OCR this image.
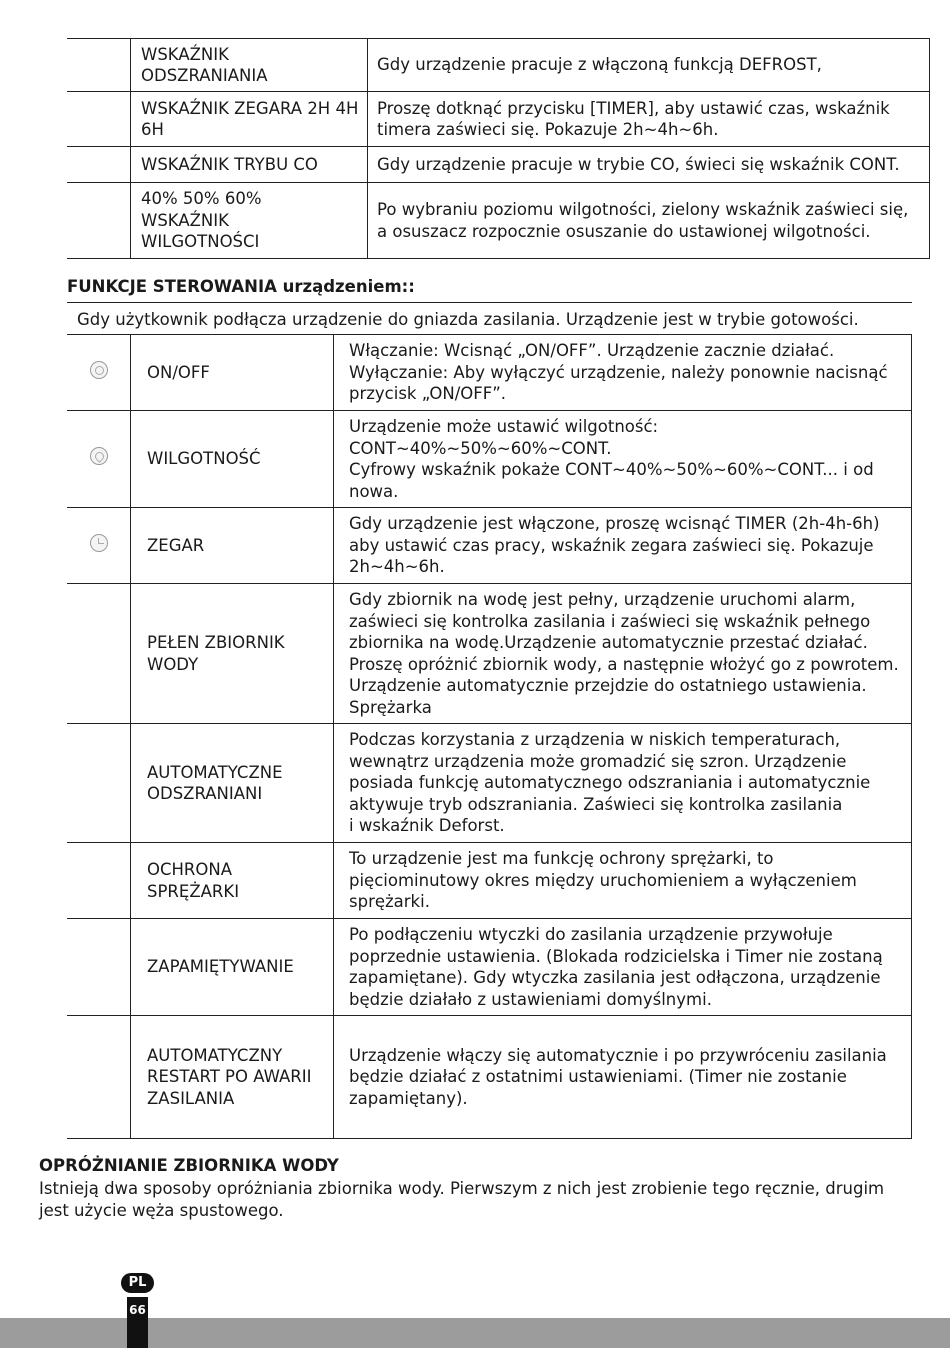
	WSKAŹNIK
ODSZRANIANIA	Gdy urządzenie pracuje z włączoną funkcją DEFROST,
	WSKAŹNIK ZEGARA 2H 4H 6H	Proszę dotknąć przycisku [TIMER], aby ustawić czas, wskaźnik timera zaświeci się. Pokazuje 2h~4h~6h.
	WSKAŹNIK TRYBU CO	Gdy urządzenie pracuje w trybie CO, świeci się wskaźnik CONT.
	40% 50% 60%
WSKAŹNIK
WILGOTNOŚCI	Po wybraniu poziomu wilgotności, zielony wskaźnik zaświeci się, a osuszacz rozpocznie osuszanie do ustawionej wilgotności.
FUNKCJE STEROWANIA urządzeniem::
Gdy użytkownik podłącza urządzenie do gniazda zasilania. Urządzenie jest w trybie gotowości.
	ON/OFF	Włączanie: Wcisnąć „ON/OFF”. Urządzenie zacznie działać.
Wyłączanie: Aby wyłączyć urządzenie, należy ponownie nacisnąć przycisk „ON/OFF”.
	WILGOTNOŚĆ	Urządzenie może ustawić wilgotność:
CONT~40%~50%~60%~CONT.
Cyfrowy wskaźnik pokaże CONT~40%~50%~60%~CONT... i od nowa.
	ZEGAR	Gdy urządzenie jest włączone, proszę wcisnąć TIMER (2h-4h-6h) aby ustawić czas pracy, wskaźnik zegara zaświeci się. Pokazuje 2h~4h~6h.
	PEŁEN ZBIORNIK
WODY	Gdy zbiornik na wodę jest pełny, urządzenie uruchomi alarm, zaświeci się kontrolka zasilania i zaświeci się wskaźnik pełnego zbiornika na wodę.Urządzenie automatycznie przestać działać. Proszę opróżnić zbiornik wody, a następnie włożyć go z powrotem. Urządzenie automatycznie przejdzie do ostatniego ustawienia. Sprężarka
	AUTOMATYCZNE
ODSZRANIANI	Podczas korzystania z urządzenia w niskich temperaturach, wewnątrz urządzenia może gromadzić się szron. Urządzenie posiada funkcję automatycznego odszraniania i automatycznie aktywuje tryb odszraniania. Zaświeci się kontrolka zasilania
i wskaźnik Deforst.
	OCHRONA
SPRĘŻARKI	To urządzenie jest ma funkcję ochrony sprężarki, to pięciominutowy okres między uruchomieniem a wyłączeniem sprężarki.
	ZAPAMIĘTYWANIE	Po podłączeniu wtyczki do zasilania urządzenie przywołuje poprzednie ustawienia. (Blokada rodzicielska i Timer nie zostaną zapamiętane). Gdy wtyczka zasilania jest odłączona, urządzenie będzie działało z ustawieniami domyślnymi.
	AUTOMATYCZNY
RESTART PO AWARII
ZASILANIA	Urządzenie włączy się automatycznie i po przywróceniu zasilania będzie działać z ostatnimi ustawieniami. (Timer nie zostanie zapamiętany).
OPRÓŻNIANIE ZBIORNIKA WODY
Istnieją dwa sposoby opróżniania zbiornika wody. Pierwszym z nich jest zrobienie tego ręcznie, drugim jest użycie węża spustowego.
66
PL
